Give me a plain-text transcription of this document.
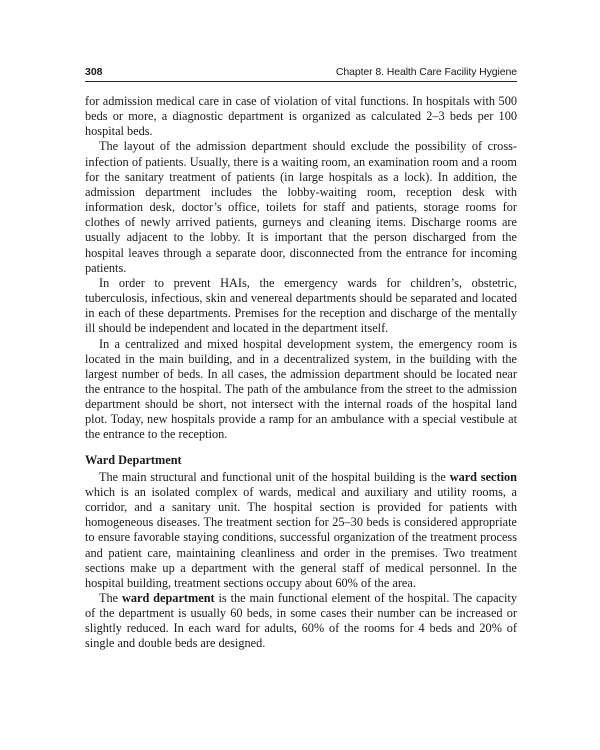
308	Chapter 8. Health Care Facility Hygiene

for admission medical care in case of violation of vital functions. In hospitals with 500 beds or more, a diagnostic department is organized as calculated 2–3 beds per 100 hospital beds.

The layout of the admission department should exclude the possibility of cross-infection of patients. Usually, there is a waiting room, an examination room and a room for the sanitary treatment of patients (in large hospitals as a lock). In addition, the admission department includes the lobby-waiting room, reception desk with information desk, doctor’s office, toilets for staff and patients, storage rooms for clothes of newly arrived patients, gurneys and cleaning items. Discharge rooms are usually adjacent to the lobby. It is important that the person discharged from the hospital leaves through a separate door, disconnected from the entrance for incoming patients.

In order to prevent HAIs, the emergency wards for children’s, obstetric, tuberculosis, infectious, skin and venereal departments should be separated and located in each of these departments. Premises for the reception and discharge of the mentally ill should be independent and located in the department itself.

In a centralized and mixed hospital development system, the emergency room is located in the main building, and in a decentralized system, in the building with the largest number of beds. In all cases, the admission department should be located near the entrance to the hospital. The path of the ambulance from the street to the admission department should be short, not intersect with the internal roads of the hospital land plot. Today, new hospitals provide a ramp for an ambulance with a special vestibule at the entrance to the reception.

Ward Department

The main structural and functional unit of the hospital building is the ward section which is an isolated complex of wards, medical and auxiliary and utility rooms, a corridor, and a sanitary unit. The hospital section is provided for patients with homogeneous diseases. The treatment section for 25–30 beds is considered appropriate to ensure favorable staying conditions, successful organization of the treatment process and patient care, maintaining cleanliness and order in the premises. Two treatment sections make up a department with the general staff of medical personnel. In the hospital building, treatment sections occupy about 60% of the area.

The ward department is the main functional element of the hospital. The capacity of the department is usually 60 beds, in some cases their number can be increased or slightly reduced. In each ward for adults, 60% of the rooms for 4 beds and 20% of single and double beds are designed.
